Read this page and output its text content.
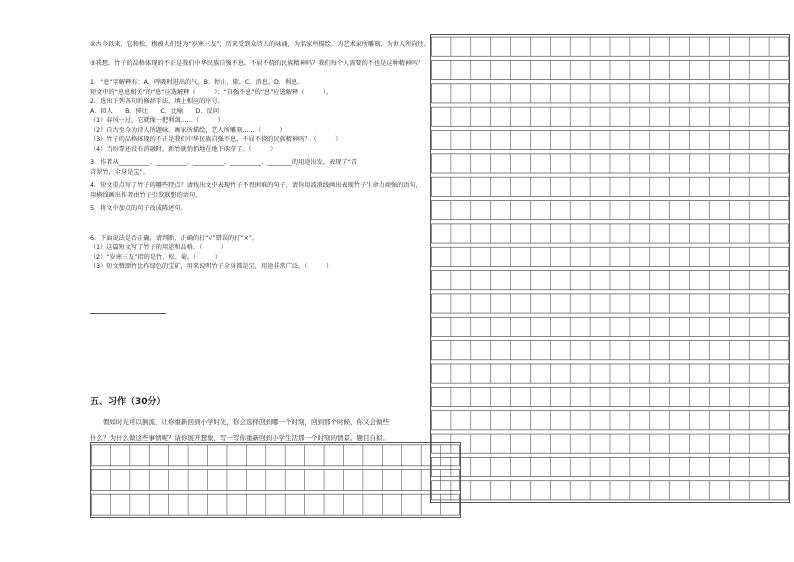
④古今以来，它和松、梅被人们誉为“岁寒三友”，历来受到众诗人的咏诵，为名家所描绘。为艺术家所雕刻，为世人所向往。

⑤我想，竹子的品格体现的不正是我们中华民族自强不息、不屈不挠的民族精神吗？我们每个人需要的不也是这种精神吗？

1．“息”字解释有：A．呼吸时进出的气。B．停止，歇。C．消息。D．利息。

短文中的“息息相关”的“息”应选解释（　　　）；“自强不息”的“息”应选解释（　　　）。

2．选出下列各句的修辞手法，填上相应的序号。

A．拟人　　B．排比　　C．比喻　　D．反问

（1）春风一过，它就像一把利剑……（　　　）

（2）自古至今为诗人所题咏，画家所描绘，艺人所雕刻……（　　　）

（3）竹子的品格体现的不正是我们中华民族自强不息、不屈不挠的民族精神吗？（　　　）

（4）当纷霏还没有消融时，新竹就悄悄地在地下萌芽了。（　　　）

3．作者从__________、__________、__________、__________、________的用途出发，表现了“青

青翠竹，全身是宝”。

4．短文重点写了竹子的哪些特点？请找出文中表现竹子不畏困难的句子，请你用波浪线画出表现竹子生命力顽强的语句，

用横线画出作者由竹子引发联想的语句。

5．将文中加点的句子改成陈述句。

6．下面说法是否正确，请判断，正确的打“√”错误的打“×”。

（1）这篇短文写了竹子的用途和品格。（　　　）

（2）“岁寒三友”指的是竹、松、菊。（　　　）

（3）短文赞颂竹比作绿色的宝矿，用来说明竹子全身都是宝，用途非常广泛。（　　　）

五、习作（30分）

　　假如时光可以倒流，让你重新回到小学时光，你会选择回到哪一个时刻，回到那个时候，你又会做些

什么？为什么做这些事情呢？请你展开想象，写一写你重新回到小学生活那一个时刻的情景。题目自拟。
